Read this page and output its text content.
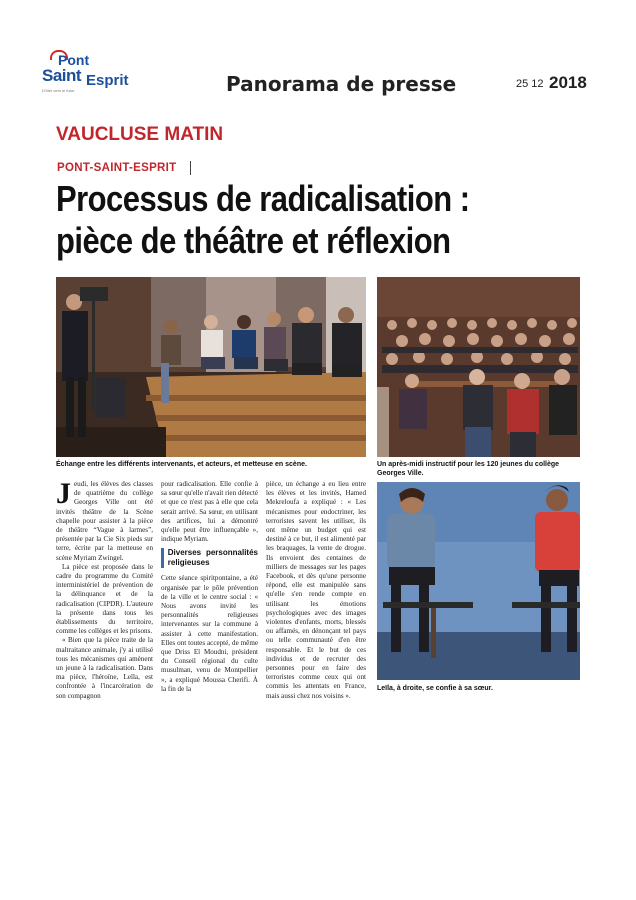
Pont
Saint Esprit
D'hier vers le futur	Panorama de presse	25 12 2018
VAUCLUSE MATIN
PONT-SAINT-ESPRIT
Processus de radicalisation :
pièce de théâtre et réflexion
Échange entre les différents intervenants, et acteurs, et metteuse en scène.	Un après-midi instructif pour les 120 jeunes du collège Georges Ville.
Leïla, à droite, se confie à sa sœur.
J eudi, les élèves des classes de quatrième du collège Georges Ville ont été invités théâtre de la Scène chapelle pour assister à la pièce de théâtre “Vague à larmes”, présentée par la Cie Six pieds sur terre, écrite par la metteuse en scène Myriam Zwingel.

La pièce est proposée dans le cadre du programme du Comité interministériel de prévention de la délinquance et de la radicalisation (CIPDR). L'auteure la présente dans tous les établissements du territoire, comme les collèges et les prisons.

« Bien que la pièce traite de la maltraitance animale, j'y ai utilisé tous les mécanismes qui amènent un jeune à la radicalisation. Dans ma pièce, l'héroïne, Leïla, est confrontée à l'incarcération de son compagnon

pour radicalisation. Elle confie à sa sœur qu'elle n'avait rien détecté et que ce n'est pas à elle que cela serait arrivé. Sa sœur, en utilisant des artifices, lui a démontré qu'elle peut être influençable », indique Myriam.

Diverses personnalités religieuses

Cette séance spiritpontaine, a été organisée par le pôle prévention de la ville et le centre social : « Nous avons invité les personnalités religieuses intervenantes sur la commune à assister à cette manifestation. Elles ont toutes accepté, de même que Driss El Moudni, président du Conseil régional du culte musulman, venu de Montpellier », a expliqué Moussa Cherifi. À la fin de la

pièce, un échange a eu lieu entre les élèves et les invités, Hamed Mekreloufa a expliqué : « Les mécanismes pour endoctriner, les terroristes savent les utiliser, ils ont même un budget qui est destiné à ce but, il est alimenté par les braquages, la vente de drogue. Ils envoient des centaines de milliers de messages sur les pages Facebook, et dès qu'une personne répond, elle est manipulée sans qu'elle s'en rende compte en utilisant les émotions psychologiques avec des images violentes d'enfants, morts, blessés ou affamés, en dénonçant tel pays ou telle communauté d'en être responsable. Et le but de ces individus et de recruter des personnes pour en faire des terroristes comme ceux qui ont commis les attentats en France, mais aussi chez nos voisins ».
